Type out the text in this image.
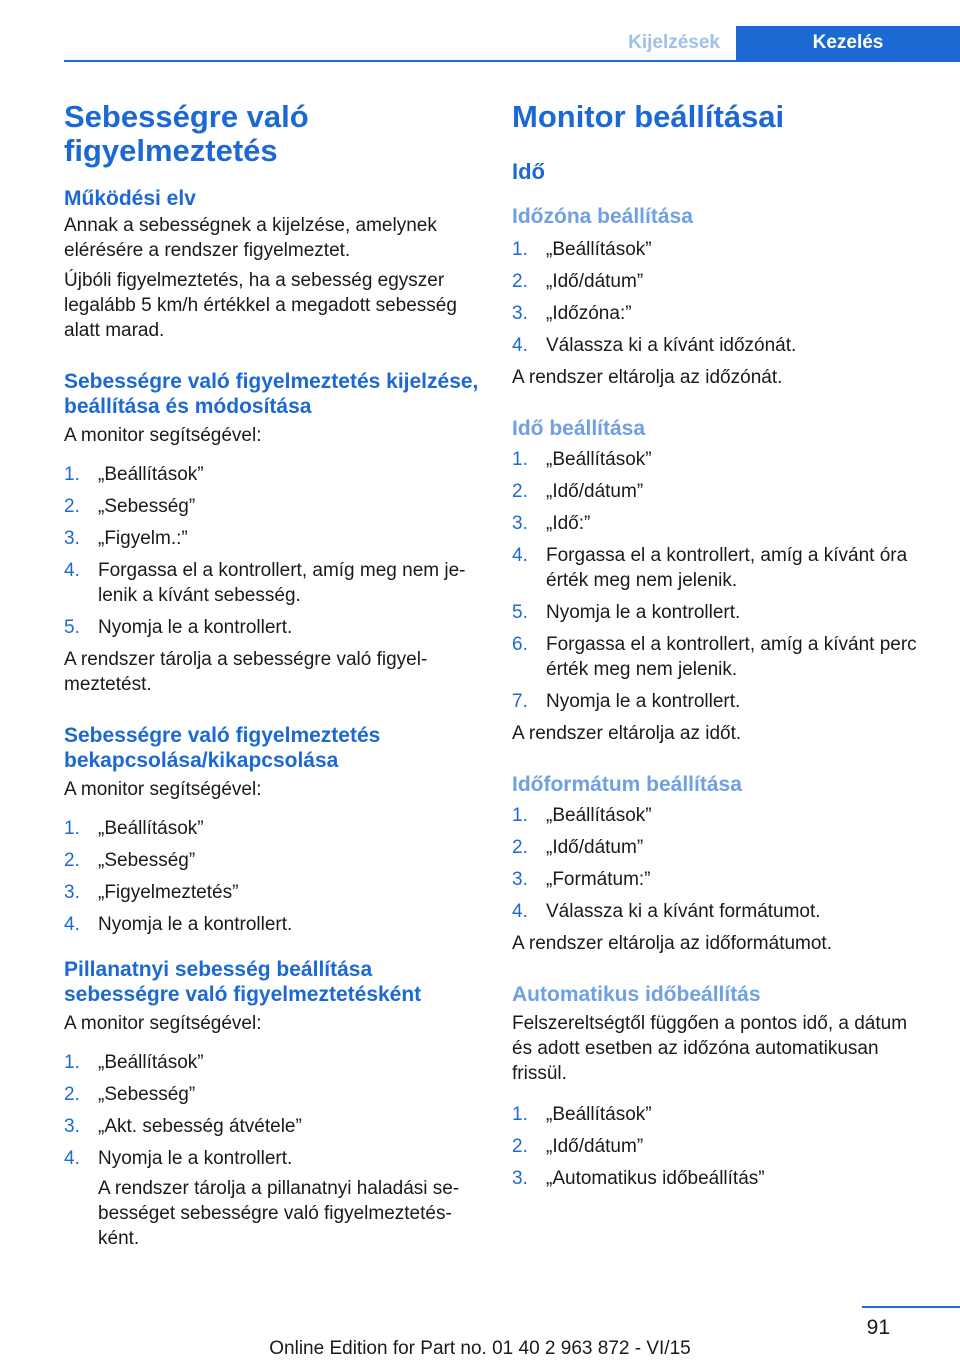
Kijelzések	Kezelés
Sebességre való figyelmeztetés
Működési elv

Annak a sebességnek a kijelzése, amelynek elérésére a rendszer figyelmeztet.

Újbóli figyelmeztetés, ha a sebesség egyszer legalább 5 km/h értékkel a megadott sebesség alatt marad.

Sebességre való figyelmeztetés kijelzése, beállítása és módosítása

A monitor segítségével:

1. „Beállítások”
2. „Sebesség”
3. „Figyelm.:”
4. Forgassa el a kontrollert, amíg meg nem je‐lenik a kívánt sebesség.
5. Nyomja le a kontrollert.

A rendszer tárolja a sebességre való figyel‐meztetést.

Sebességre való figyelmeztetés bekapcsolása/kikapcsolása

A monitor segítségével:

1. „Beállítások”
2. „Sebesség”
3. „Figyelmeztetés”
4. Nyomja le a kontrollert.
Pillanatnyi sebesség beállítása sebességre való figyelmeztetésként

A monitor segítségével:

1. „Beállítások”
2. „Sebesség”
3. „Akt. sebesség átvétele”
4. Nyomja le a kontrollert.

A rendszer tárolja a pillanatnyi haladási se‐bességet sebességre való figyelmeztetés‐ként.

Monitor beállításai
Idő
Időzóna beállítása
1. „Beállítások”
2. „Idő/dátum”
3. „Időzóna:”
4. Válassza ki a kívánt időzónát.

A rendszer eltárolja az időzónát.

Idő beállítása
1. „Beállítások”
2. „Idő/dátum”
3. „Idő:”
4. Forgassa el a kontrollert, amíg a kívánt óra érték meg nem jelenik.
5. Nyomja le a kontrollert.
6. Forgassa el a kontrollert, amíg a kívánt perc érték meg nem jelenik.
7. Nyomja le a kontrollert.

A rendszer eltárolja az időt.

Időformátum beállítása
1. „Beállítások”
2. „Idő/dátum”
3. „Formátum:”
4. Válassza ki a kívánt formátumot.

A rendszer eltárolja az időformátumot.

Automatikus időbeállítás

Felszereltségtől függően a pontos idő, a dátum és adott esetben az időzóna automatikusan frissül.

1. „Beállítások”
2. „Idő/dátum”
3. „Automatikus időbeállítás”
91
Online Edition for Part no. 01 40 2 963 872 - VI/15
